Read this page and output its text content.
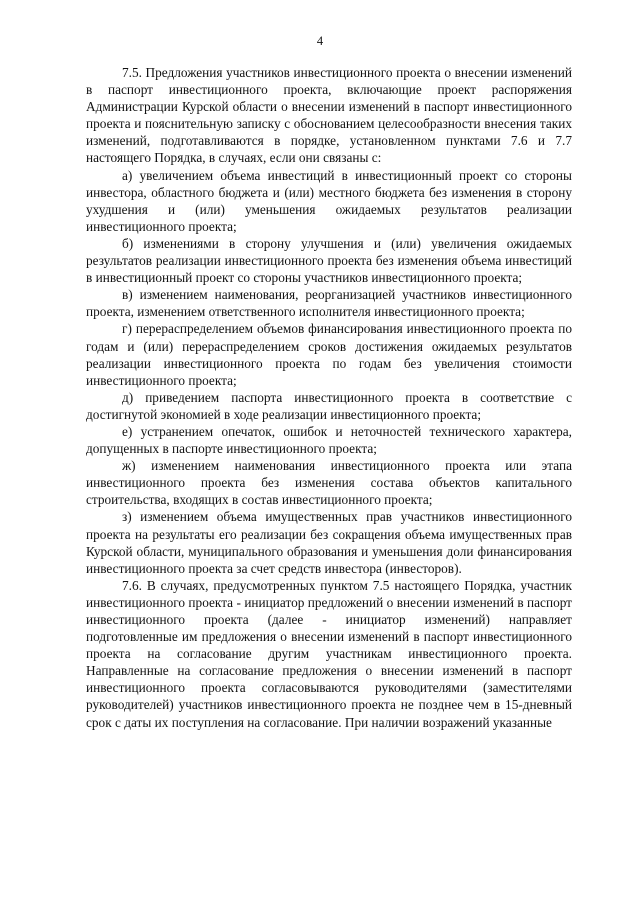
4

7.5. Предложения участников инвестиционного проекта о внесении изменений в паспорт инвестиционного проекта, включающие проект распоряжения Администрации Курской области о внесении изменений в паспорт инвестиционного проекта и пояснительную записку с обоснованием целесообразности внесения таких изменений, подготавливаются в порядке, установленном пунктами 7.6 и 7.7 настоящего Порядка, в случаях, если они связаны с:

а) увеличением объема инвестиций в инвестиционный проект со стороны инвестора, областного бюджета и (или) местного бюджета без изменения в сторону ухудшения и (или) уменьшения ожидаемых результатов реализации инвестиционного проекта;

б) изменениями в сторону улучшения и (или) увеличения ожидаемых результатов реализации инвестиционного проекта без изменения объема инвестиций в инвестиционный проект со стороны участников инвестиционного проекта;

в) изменением наименования, реорганизацией участников инвестиционного проекта, изменением ответственного исполнителя инвестиционного проекта;

г) перераспределением объемов финансирования инвестиционного проекта по годам и (или) перераспределением сроков достижения ожидаемых результатов реализации инвестиционного проекта по годам без увеличения стоимости инвестиционного проекта;

д) приведением паспорта инвестиционного проекта в соответствие с достигнутой экономией в ходе реализации инвестиционного проекта;

е) устранением опечаток, ошибок и неточностей технического характера, допущенных в паспорте инвестиционного проекта;

ж) изменением наименования инвестиционного проекта или этапа инвестиционного проекта без изменения состава объектов капитального строительства, входящих в состав инвестиционного проекта;

з) изменением объема имущественных прав участников инвестиционного проекта на результаты его реализации без сокращения объема имущественных прав Курской области, муниципального образования и уменьшения доли финансирования инвестиционного проекта за счет средств инвестора (инвесторов).

7.6. В случаях, предусмотренных пунктом 7.5 настоящего Порядка, участник инвестиционного проекта - инициатор предложений о внесении изменений в паспорт инвестиционного проекта (далее - инициатор изменений) направляет подготовленные им предложения о внесении изменений в паспорт инвестиционного проекта на согласование другим участникам инвестиционного проекта. Направленные на согласование предложения о внесении изменений в паспорт инвестиционного проекта согласовываются руководителями (заместителями руководителей) участников инвестиционного проекта не позднее чем в 15-дневный срок с даты их поступления на согласование. При наличии возражений указанные
